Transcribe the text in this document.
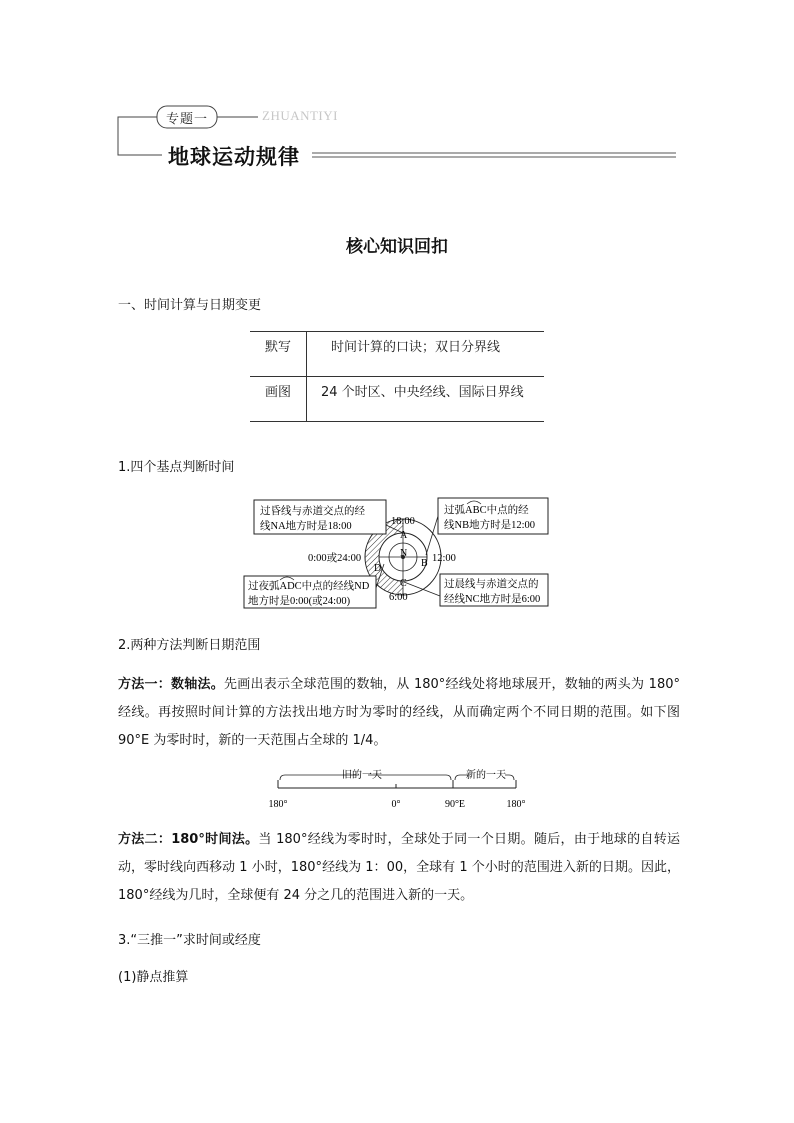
专题一	ZHUANTIYI
地球运动规律
核心知识回扣
一、时间计算与日期变更
默写	时间计算的口诀；双日分界线
画图	24 个时区、中央经线、国际日界线
1.四个基点判断时间
过昏线与赤道交点的经
线NA地方时是18:00
过弧ABC中点的经
线NB地方时是12:00
过夜弧ADC中点的经线ND
地方时是0:00(或24:00)
过晨线与赤道交点的
经线NC地方时是6:00
18:00
12:00
0:00或24:00
6:00
A
B
C
D
N
2.两种方法判断日期范围
方法一：数轴法。先画出表示全球范围的数轴，从 180°经线处将地球展开，数轴的两头为 180°经线。再按照时间计算的方法找出地方时为零时的经线，从而确定两个不同日期的范围。如下图 90°E 为零时时，新的一天范围占全球的 1/4。
旧的一天	新的一天
180°	0°	90°E	180°
方法二：180°时间法。当 180°经线为零时时，全球处于同一个日期。随后，由于地球的自转运动，零时线向西移动 1 小时，180°经线为 1：00，全球有 1 个小时的范围进入新的日期。因此，180°经线为几时，全球便有 24 分之几的范围进入新的一天。
3.“三推一”求时间或经度
(1)静点推算
